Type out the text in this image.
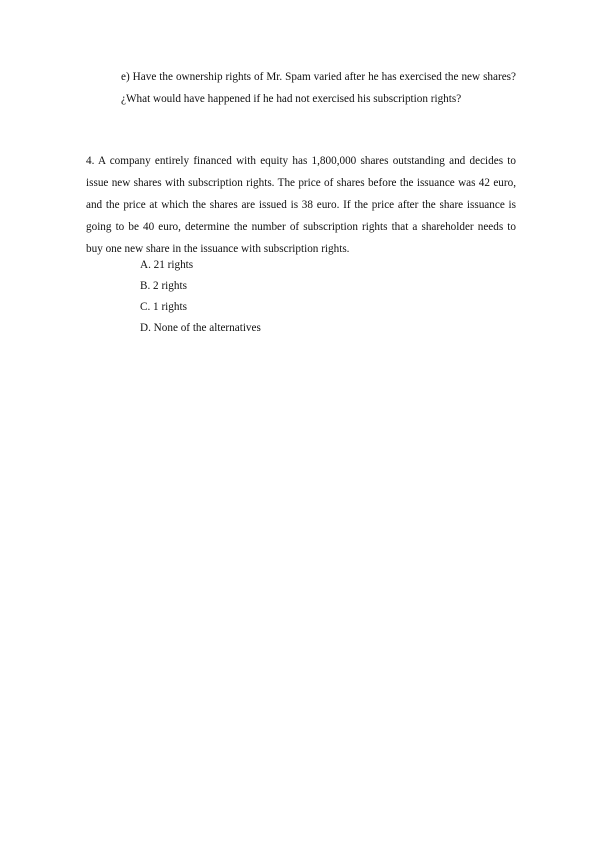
e) Have the ownership rights of Mr. Spam varied after he has exercised the new shares? ¿What would have happened if he had not exercised his subscription rights?

4. A company entirely financed with equity has 1,800,000 shares outstanding and decides to issue new shares with subscription rights. The price of shares before the issuance was 42 euro, and the price at which the shares are issued is 38 euro. If the price after the share issuance is going to be 40 euro, determine the number of subscription rights that a shareholder needs to buy one new share in the issuance with subscription rights.

A. 21 rights
B. 2 rights
C. 1 rights
D. None of the alternatives
